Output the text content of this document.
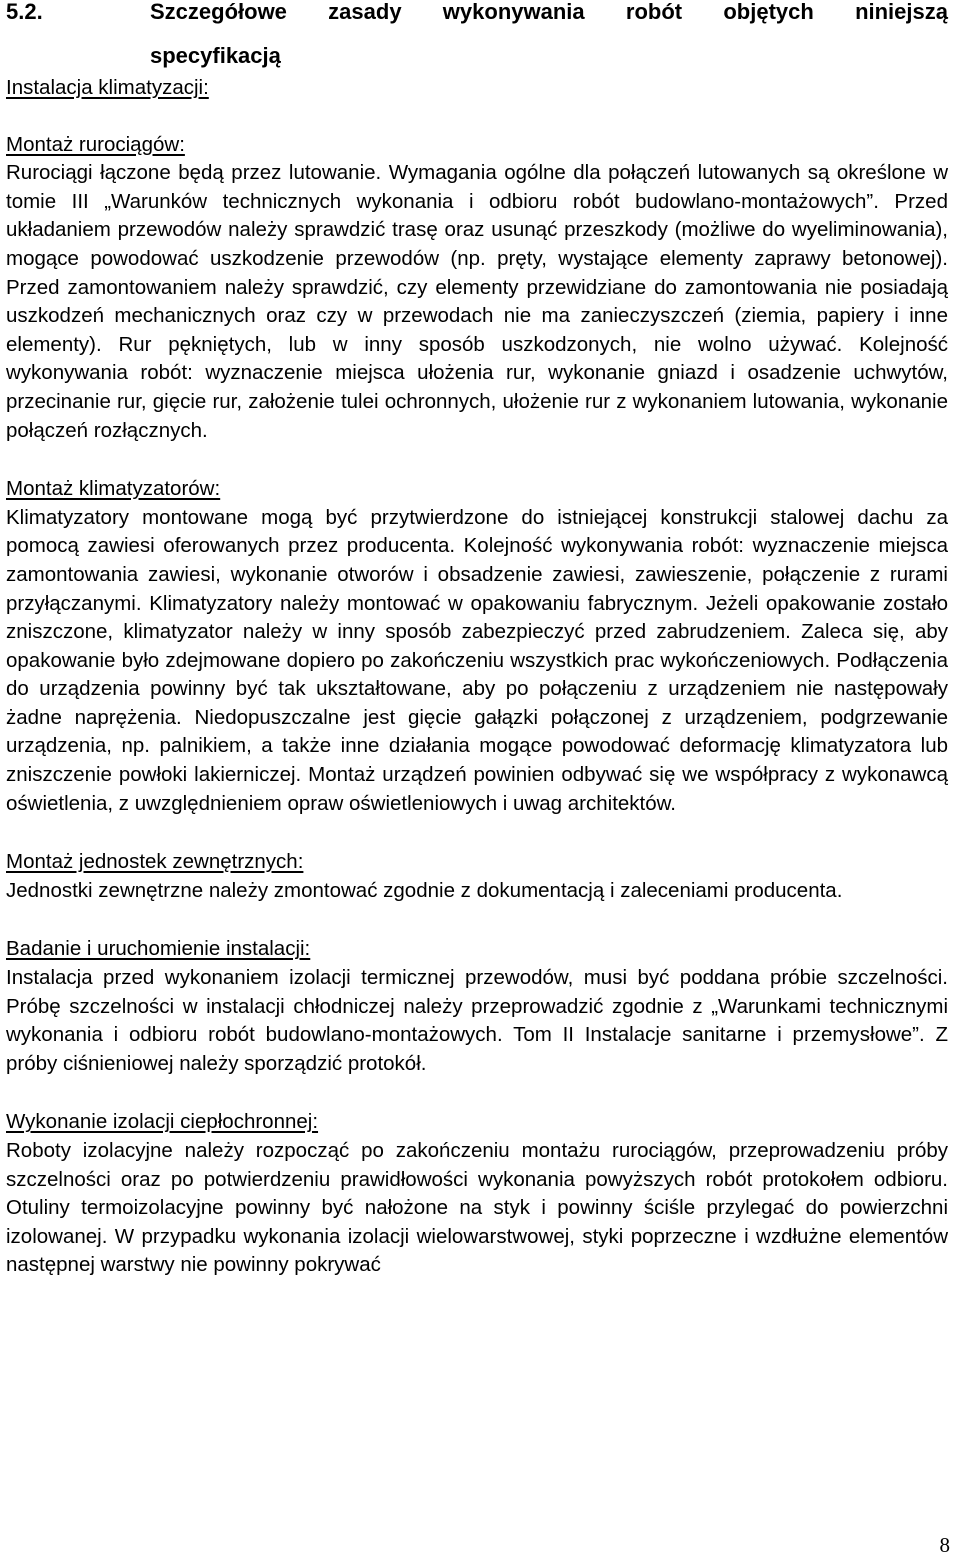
5.2.	Szczegółowe zasady wykonywania robót objętych niniejszą
specyfikacją
Instalacja klimatyzacji:
Montaż rurociągów:
Rurociągi łączone będą przez lutowanie. Wymagania ogólne dla połączeń lutowanych są określone w tomie III „Warunków technicznych wykonania i odbioru robót budowlano-montażowych”. Przed układaniem przewodów należy sprawdzić trasę oraz usunąć przeszkody (możliwe do wyeliminowania), mogące powodować uszkodzenie przewodów (np. pręty, wystające elementy zaprawy betonowej). Przed zamontowaniem należy sprawdzić, czy elementy przewidziane do zamontowania nie posiadają uszkodzeń mechanicznych oraz czy w przewodach nie ma zanieczyszczeń (ziemia, papiery i inne elementy). Rur pękniętych, lub w inny sposób uszkodzonych, nie wolno używać. Kolejność wykonywania robót: wyznaczenie miejsca ułożenia rur, wykonanie gniazd i osadzenie uchwytów, przecinanie rur, gięcie rur, założenie tulei ochronnych, ułożenie rur z wykonaniem lutowania, wykonanie połączeń rozłącznych.
Montaż klimatyzatorów:
Klimatyzatory montowane mogą być przytwierdzone do istniejącej konstrukcji stalowej dachu za pomocą zawiesi oferowanych przez producenta. Kolejność wykonywania robót: wyznaczenie miejsca zamontowania zawiesi, wykonanie otworów i obsadzenie zawiesi, zawieszenie, połączenie z rurami przyłączanymi. Klimatyzatory należy montować w opakowaniu fabrycznym. Jeżeli opakowanie zostało zniszczone, klimatyzator należy w inny sposób zabezpieczyć przed zabrudzeniem. Zaleca się, aby opakowanie było zdejmowane dopiero po zakończeniu wszystkich prac wykończeniowych. Podłączenia do urządzenia powinny być tak ukształtowane, aby po połączeniu z urządzeniem nie następowały żadne naprężenia. Niedopuszczalne jest gięcie gałązki połączonej z urządzeniem, podgrzewanie urządzenia, np. palnikiem, a także inne działania mogące powodować deformację klimatyzatora lub zniszczenie powłoki lakierniczej. Montaż urządzeń powinien odbywać się we współpracy z wykonawcą oświetlenia, z uwzględnieniem opraw oświetleniowych i uwag architektów.
Montaż jednostek zewnętrznych:
Jednostki zewnętrzne należy zmontować zgodnie z dokumentacją i zaleceniami producenta.
Badanie i uruchomienie instalacji:
Instalacja przed wykonaniem izolacji termicznej przewodów, musi być poddana próbie szczelności. Próbę szczelności w instalacji chłodniczej należy przeprowadzić zgodnie z „Warunkami technicznymi wykonania i odbioru robót budowlano-montażowych. Tom II Instalacje sanitarne i przemysłowe”. Z próby ciśnieniowej należy sporządzić protokół.
Wykonanie izolacji ciepłochronnej:
Roboty izolacyjne należy rozpocząć po zakończeniu montażu rurociągów, przeprowadzeniu próby szczelności oraz po potwierdzeniu prawidłowości wykonania powyższych robót protokołem odbioru. Otuliny termoizolacyjne powinny być nałożone na styk i powinny ściśle przylegać do powierzchni izolowanej. W przypadku wykonania izolacji wielowarstwowej, styki poprzeczne i wzdłużne elementów następnej warstwy nie powinny pokrywać
8
